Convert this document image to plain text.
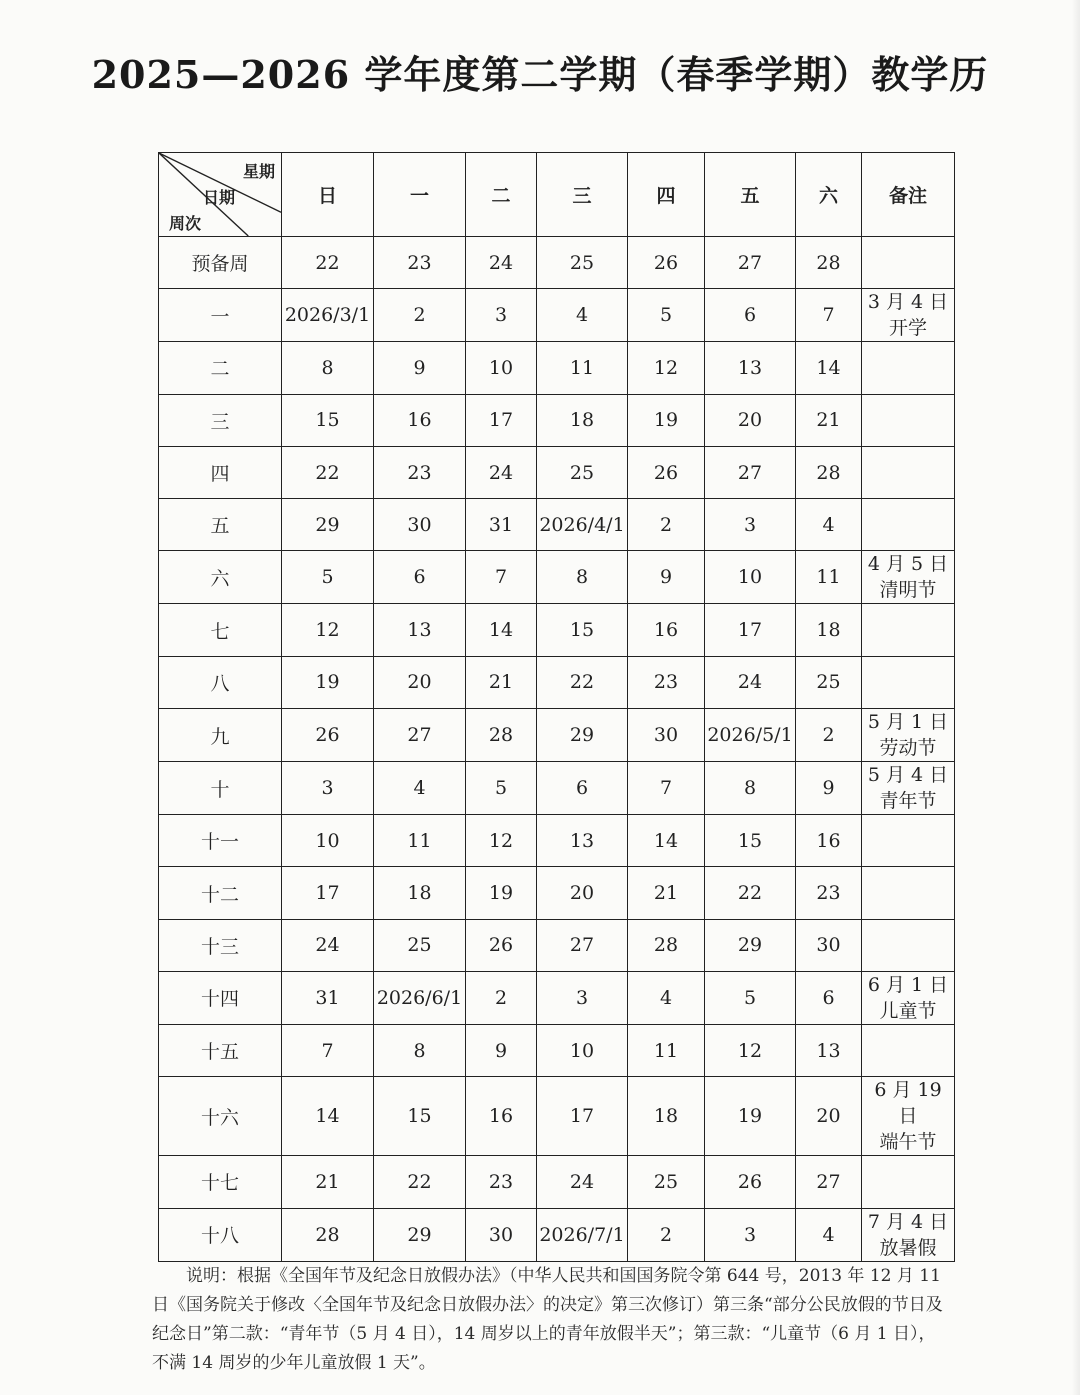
2025—2026 学年度第二学期（春季学期）教学历
星期
日期
周次	日	一	二	三	四	五	六	备注
预备周	22	23	24	25	26	27	28	

一	2026/3/1	2	3	4	5	6	7	3 月 4 日
开学

二	8	9	10	11	12	13	14	

三	15	16	17	18	19	20	21	

四	22	23	24	25	26	27	28	

五	29	30	31	2026/4/1	2	3	4	

六	5	6	7	8	9	10	11	4 月 5 日
清明节

七	12	13	14	15	16	17	18	

八	19	20	21	22	23	24	25	

九	26	27	28	29	30	2026/5/1	2	5 月 1 日
劳动节

十	3	4	5	6	7	8	9	5 月 4 日
青年节

十一	10	11	12	13	14	15	16	

十二	17	18	19	20	21	22	23	

十三	24	25	26	27	28	29	30	

十四	31	2026/6/1	2	3	4	5	6	6 月 1 日
儿童节

十五	7	8	9	10	11	12	13	

十六	14	15	16	17	18	19	20	6 月 19 日
端午节

十七	21	22	23	24	25	26	27	

十八	28	29	30	2026/7/1	2	3	4	7 月 4 日
放暑假
说明：根据《全国年节及纪念日放假办法》（中华人民共和国国务院令第 644 号，2013 年 12 月 11 日《国务院关于修改〈全国年节及纪念日放假办法〉的决定》第三次修订）第三条“部分公民放假的节日及纪念日”第二款：“青年节（5 月 4 日），14 周岁以上的青年放假半天”；第三款：“儿童节（6 月 1 日），不满 14 周岁的少年儿童放假 1 天”。
